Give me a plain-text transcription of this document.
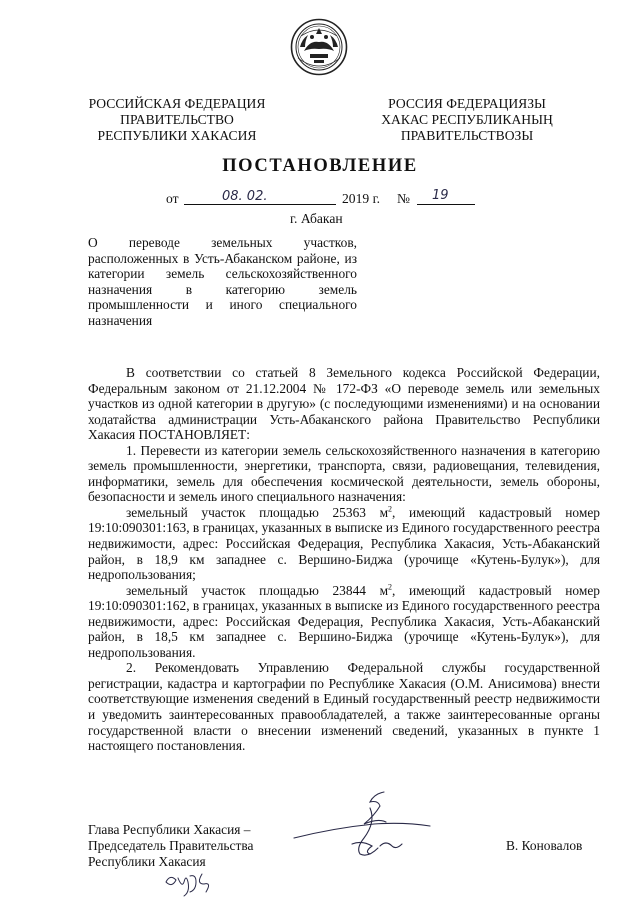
РОССИЙСКАЯ ФЕДЕРАЦИЯ
ПРАВИТЕЛЬСТВО
РЕСПУБЛИКИ ХАКАСИЯ
РОССИЯ ФЕДЕРАЦИЯЗЫ
ХАКАС РЕСПУБЛИКАНЫҢ
ПРАВИТЕЛЬСТВОЗЫ
ПОСТАНОВЛЕНИЕ
от	08. 02.	2019 г. № 19
г. Абакан
О переводе земельных участков, расположенных в Усть-Абаканском районе, из категории земель сельскохозяйственного назначения в категорию земель промышленности и иного специального назначения

В соответствии со статьей 8 Земельного кодекса Российской Федерации, Федеральным законом от 21.12.2004 № 172-ФЗ «О переводе земель или земельных участков из одной категории в другую» (с последующими изменениями) и на основании ходатайства администрации Усть-Абаканского района Правительство Республики Хакасия ПОСТАНОВЛЯЕТ:

1. Перевести из категории земель сельскохозяйственного назначения в категорию земель промышленности, энергетики, транспорта, связи, радиовещания, телевидения, информатики, земель для обеспечения космической деятельности, земель обороны, безопасности и земель иного специального назначения:

земельный участок площадью 25363 $м^2$, имеющий кадастровый номер 19:10:090301:163, в границах, указанных в выписке из Единого государственного реестра недвижимости, адрес: Российская Федерация, Республика Хакасия, Усть-Абаканский район, в 18,9 км западнее с. Вершино-Биджа (урочище «Кутень-Булук»), для недропользования;

земельный участок площадью 23844 $м^2$, имеющий кадастровый номер 19:10:090301:162, в границах, указанных в выписке из Единого государственного реестра недвижимости, адрес: Российская Федерация, Республика Хакасия, Усть-Абаканский район, в 18,5 км западнее с. Вершино-Биджа (урочище «Кутень-Булук»), для недропользования.

2. Рекомендовать Управлению Федеральной службы государственной регистрации, кадастра и картографии по Республике Хакасия (О.М. Анисимова) внести соответствующие изменения сведений в Единый государственный реестр недвижимости и уведомить заинтересованных правообладателей, а также заинтересованные органы государственной власти о внесении изменений сведений, указанных в пункте 1 настоящего постановления.

Глава Республики Хакасия –
Председатель Правительства
Республики Хакасия
В. Коновалов
